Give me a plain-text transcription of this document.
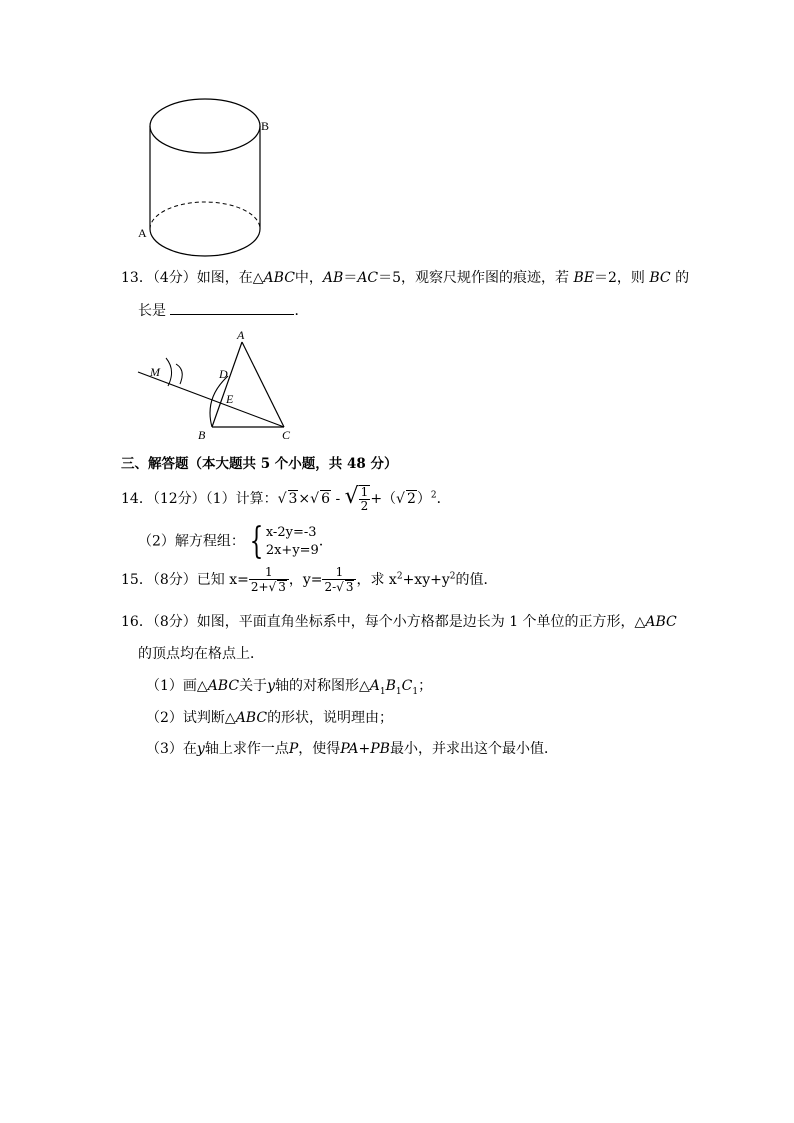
B
A
13．（4分）如图，在△ABC中，AB＝AC＝5，观察尺规作图的痕迹，若 BE＝2，则 BC 的
长是	．
A
B	C
D
E
M
三、解答题（本大题共 5 个小题，共 48 分）
14．（12分）（1）计算：√ 3×√ 6 - √ $\frac{1}{2}$ +（√ 2）$^2$．
（2）解方程组： { x-2y=-3
2x+y=9
．
15．（8分）已知 $x= \frac{1}{2+√ 3}$ ，$y= \frac{1}{2-√ 3}$ ，求 $x^2+xy+y^2$的值．
16．（8分）如图，平面直角坐标系中，每个小方格都是边长为 1 个单位的正方形，△ABC
的顶点均在格点上．
（1）画△ABC关于y轴的对称图形$\triangle A_1B_1C_1$；
（2）试判断△ABC的形状，说明理由；
（3）在y轴上求作一点P，使得PA+PB最小，并求出这个最小值．
